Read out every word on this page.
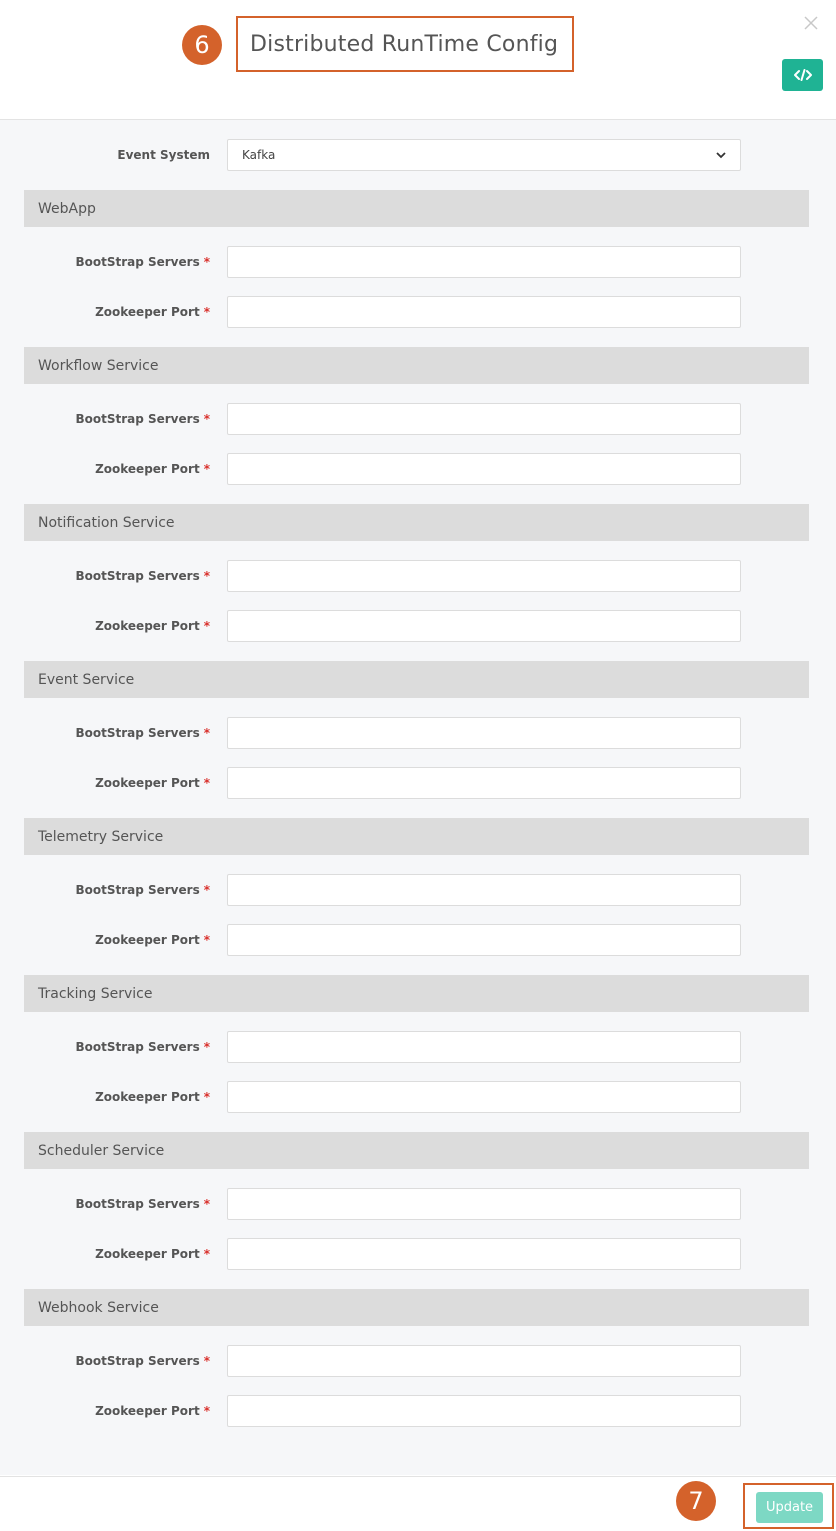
6	Distributed RunTime Config
Event System	Kafka
WebApp
BootStrap Servers *
Zookeeper Port *
Workflow Service
BootStrap Servers *
Zookeeper Port *
Notification Service
BootStrap Servers *
Zookeeper Port *
Event Service
BootStrap Servers *
Zookeeper Port *
Telemetry Service
BootStrap Servers *
Zookeeper Port *
Tracking Service
BootStrap Servers *
Zookeeper Port *
Scheduler Service
BootStrap Servers *
Zookeeper Port *
Webhook Service
BootStrap Servers *
Zookeeper Port *
7	Update
